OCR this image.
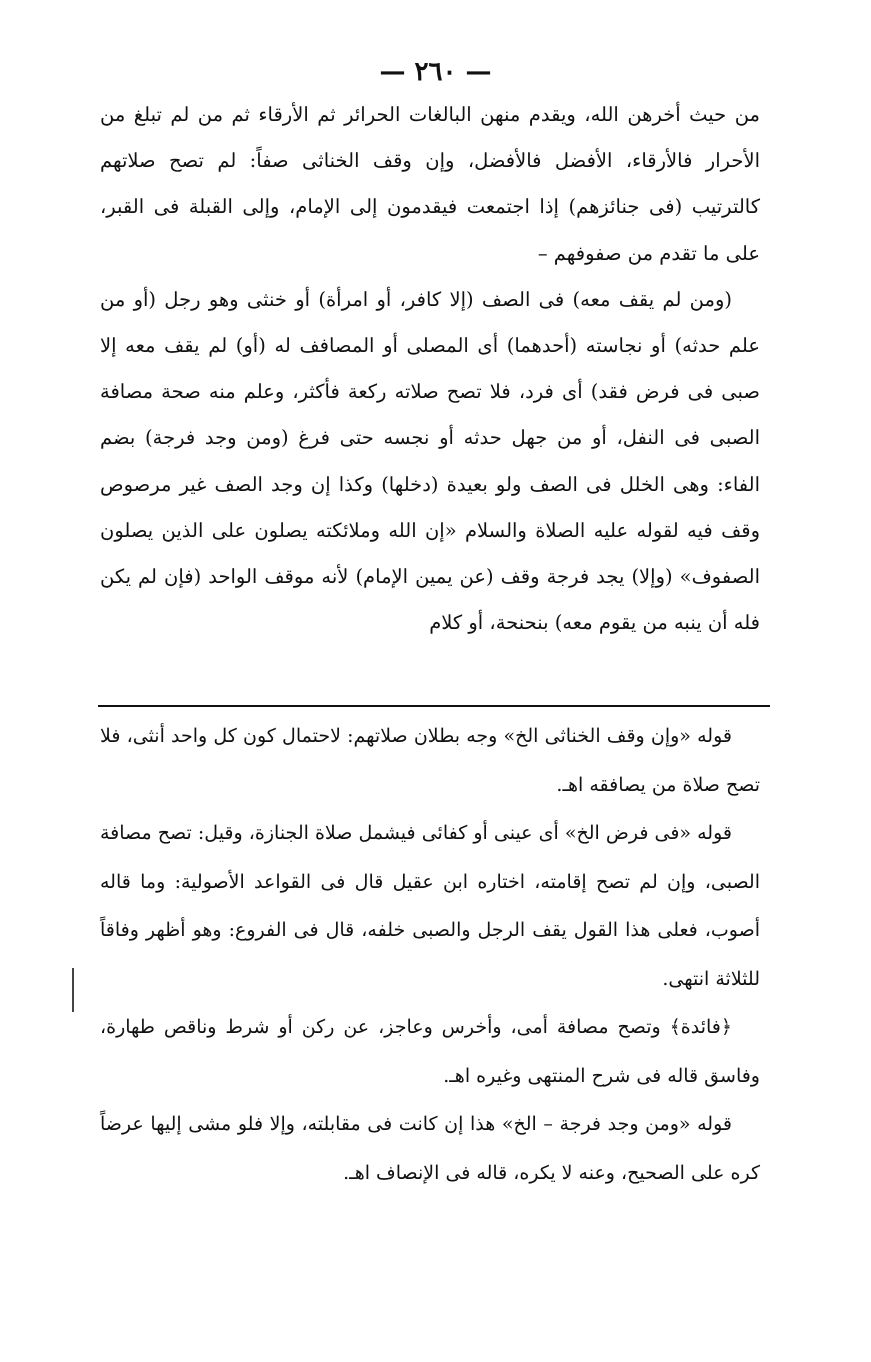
— ٢٦٠ —

من حيث أخرهن الله، ويقدم منهن البالغات الحرائر ثم الأرقاء ثم من لم تبلغ من الأحرار فالأرقاء، الأفضل فالأفضل، وإن وقف الخناثى صفاً: لم تصح صلاتهم كالترتيب (فى جنائزهم) إذا اجتمعت فيقدمون إلى الإمام، وإلى القبلة فى القبر، على ما تقدم من صفوفهم –

(ومن لم يقف معه) فى الصف (إلا كافر، أو امرأة) أو خنثى وهو رجل (أو من علم حدثه) أو نجاسته (أحدهما) أى المصلى أو المصافف له (أو) لم يقف معه إلا صبى فى فرض فقد) أى فرد، فلا تصح صلاته ركعة فأكثر، وعلم منه صحة مصافة الصبى فى النفل، أو من جهل حدثه أو نجسه حتى فرغ (ومن وجد فرجة) بضم الفاء: وهى الخلل فى الصف ولو بعيدة (دخلها) وكذا إن وجد الصف غير مرصوص وقف فيه لقوله عليه الصلاة والسلام «إن الله وملائكته يصلون على الذين يصلون الصفوف» (وإلا) يجد فرجة وقف (عن يمين الإمام) لأنه موقف الواحد (فإن لم يكن فله أن ينبه من يقوم معه) بنحنحة، أو كلام

قوله «وإن وقف الخناثى الخ» وجه بطلان صلاتهم: لاحتمال كون كل واحد أنثى، فلا تصح صلاة من يصافقه اهـ.

قوله «فى فرض الخ» أى عينى أو كفائى فيشمل صلاة الجنازة، وقيل: تصح مصافة الصبى، وإن لم تصح إقامته، اختاره ابن عقيل قال فى القواعد الأصولية: وما قاله أصوب، فعلى هذا القول يقف الرجل والصبى خلفه، قال فى الفروع: وهو أظهر وفاقاً للثلاثة انتهى.

﴿فائدة﴾ وتصح مصافة أمى، وأخرس وعاجز، عن ركن أو شرط وناقص طهارة، وفاسق قاله فى شرح المنتهى وغيره اهـ.

قوله «ومن وجد فرجة – الخ» هذا إن كانت فى مقابلته، وإلا فلو مشى إليها عرضاً كره على الصحيح، وعنه لا يكره، قاله فى الإنصاف اهـ.
